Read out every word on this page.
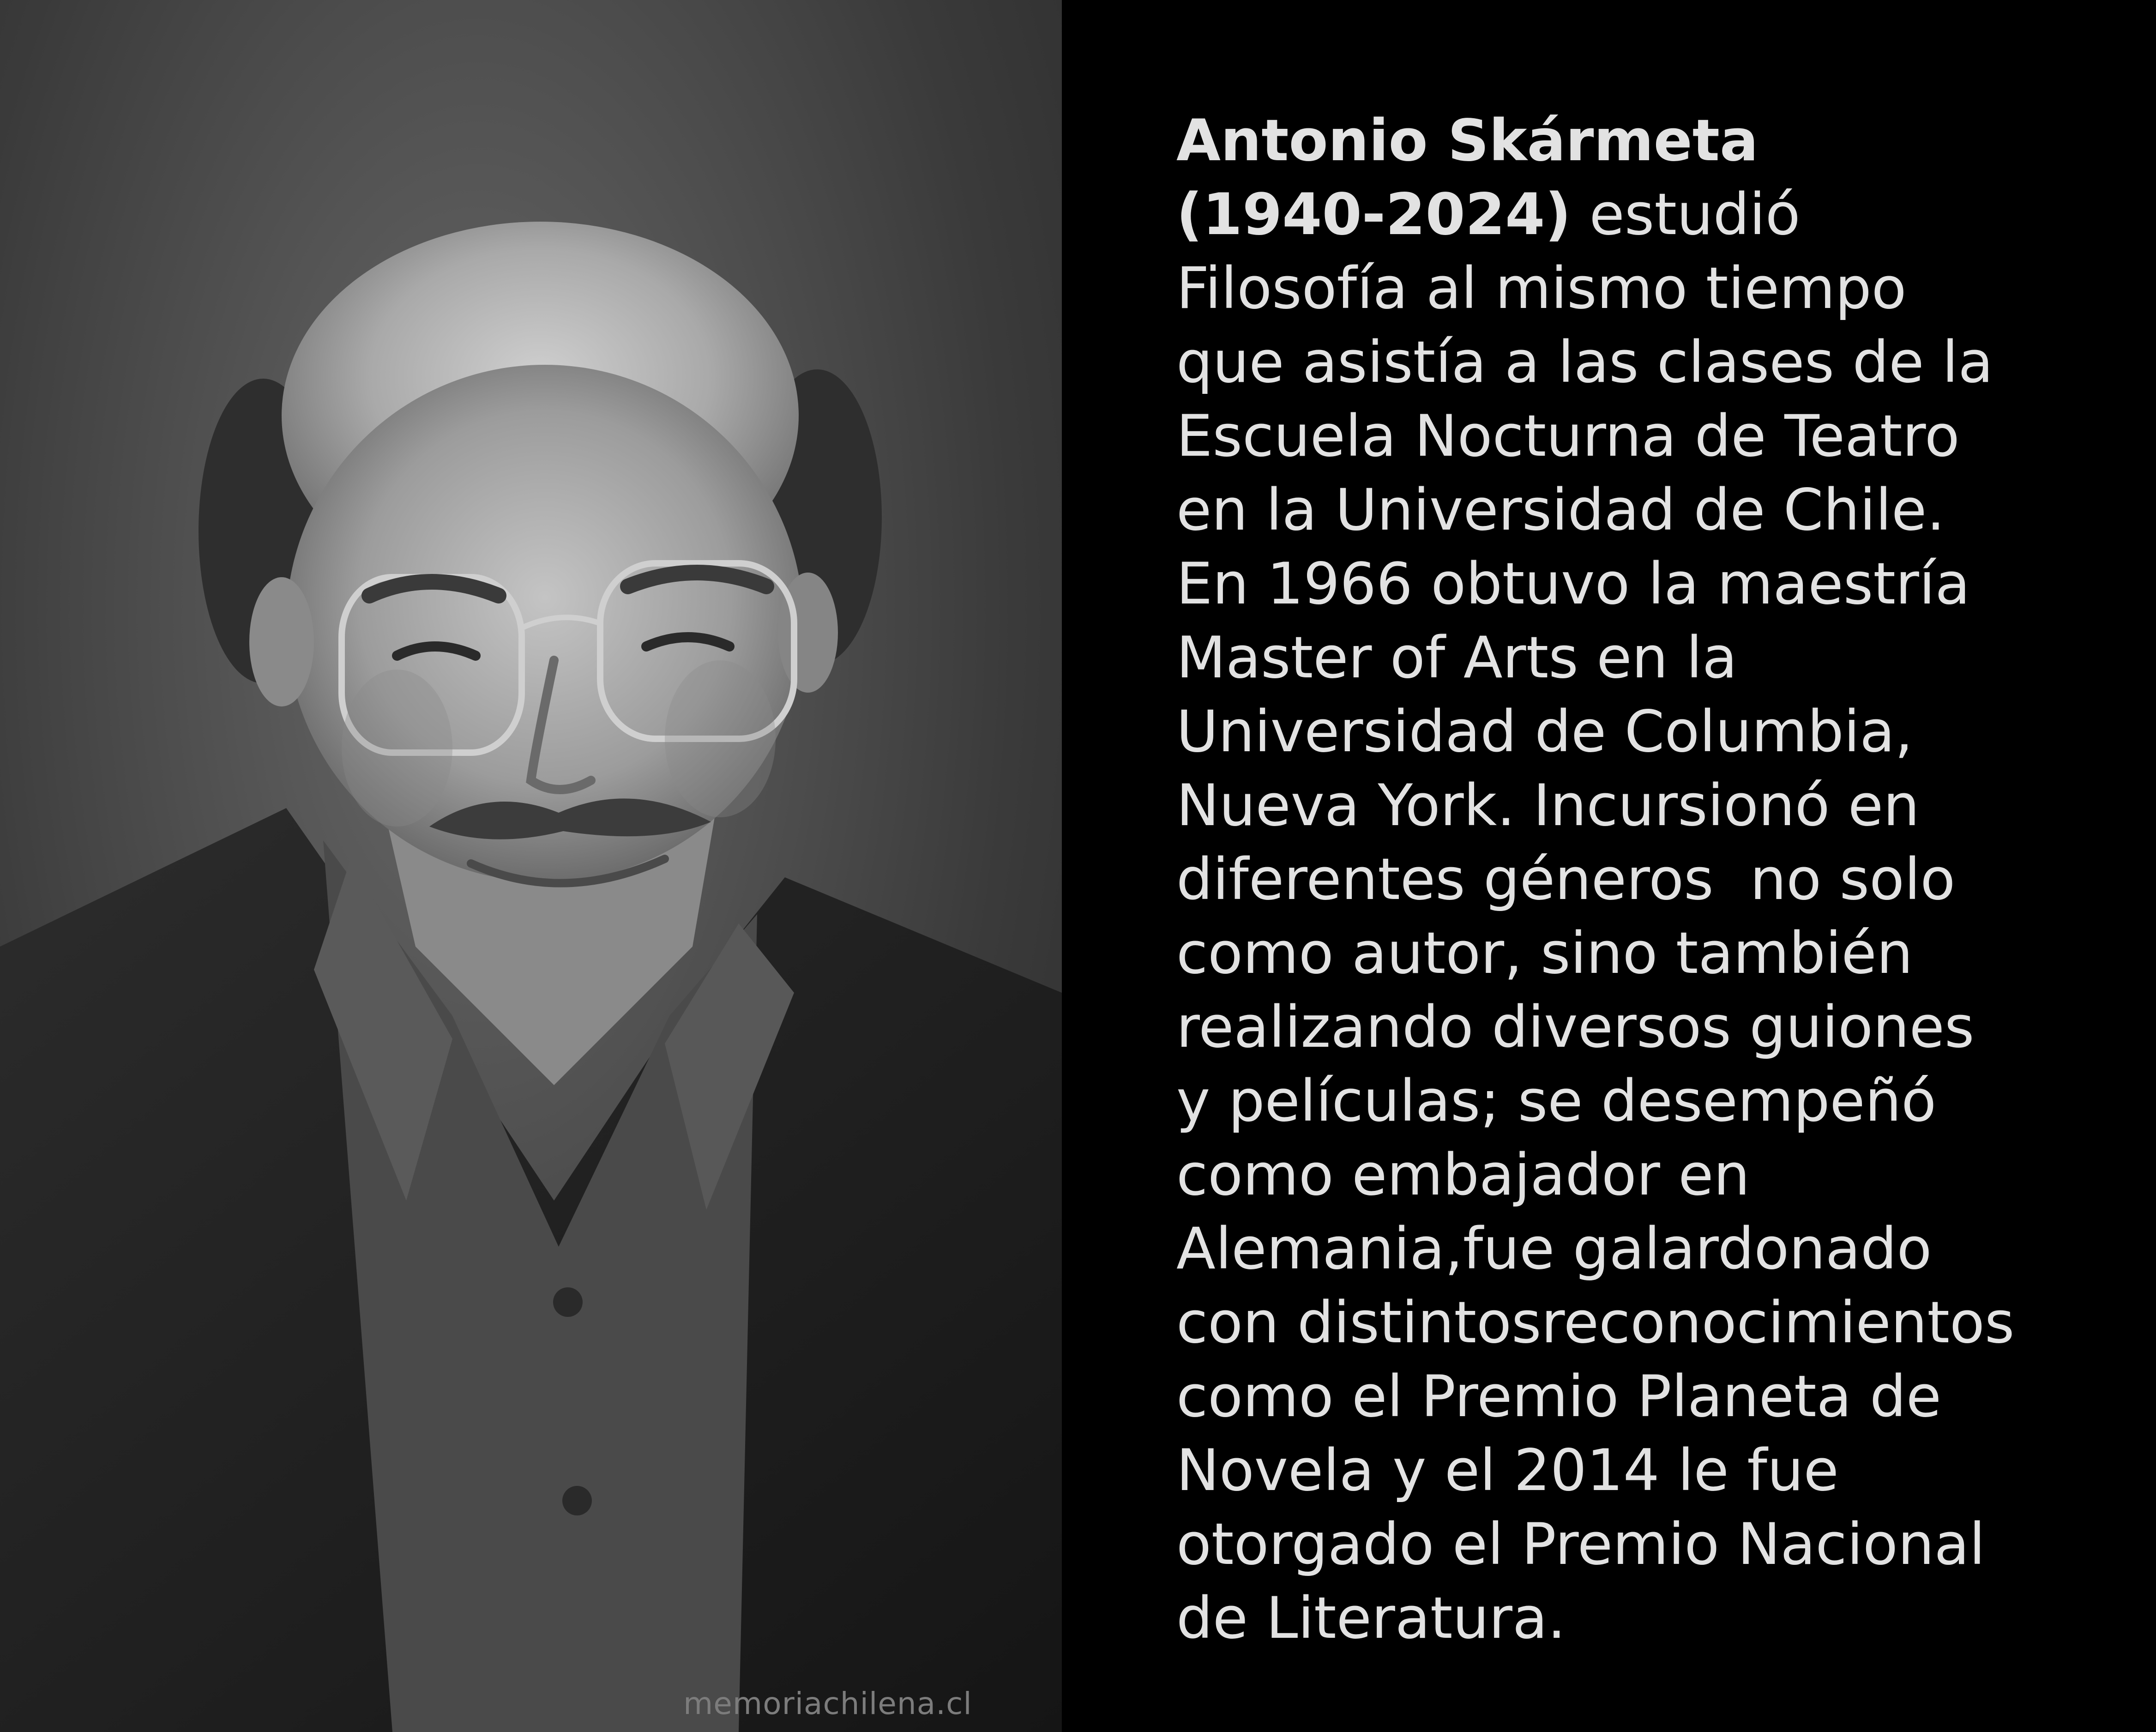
memoriachilena.cl
Antonio Skármeta
(1940-2024) estudió
Filosofía al mismo tiempo
que asistía a las clases de la
Escuela Nocturna de Teatro
en la Universidad de Chile.
En 1966 obtuvo la maestría
Master of Arts en la
Universidad de Columbia,
Nueva York. Incursionó en
diferentes géneros  no solo
como autor, sino también
realizando diversos guiones
y películas; se desempeñó
como embajador en
Alemania,fue galardonado
con distintosreconocimientos
como el Premio Planeta de
Novela y el 2014 le fue
otorgado el Premio Nacional
de Literatura.
